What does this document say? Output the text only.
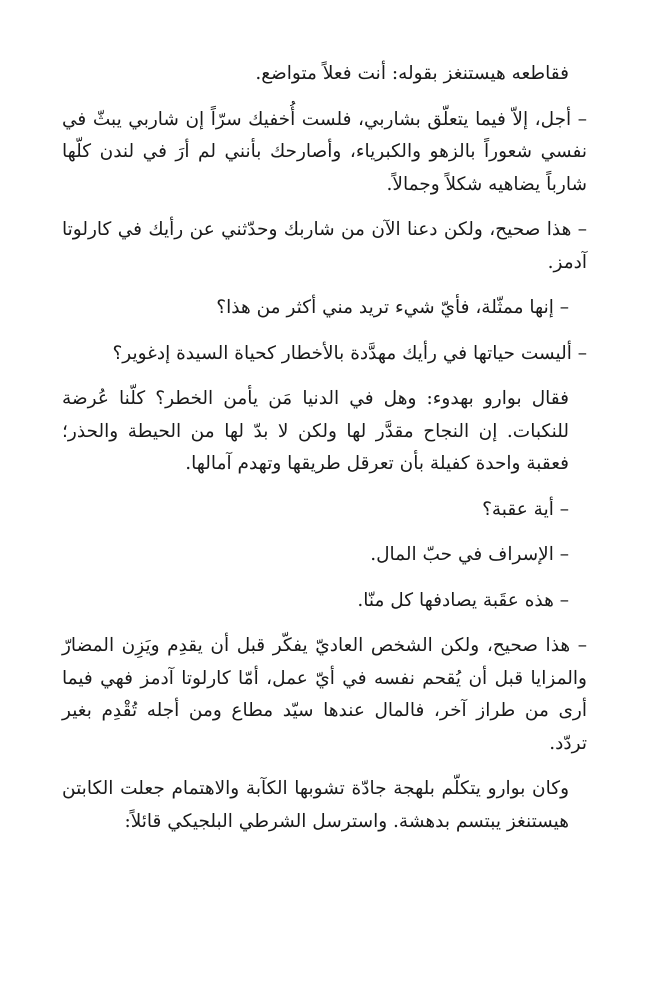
فقاطعه هيستنغز بقوله: أنت فعلاً متواضع.

– أجل، إلاّ فيما يتعلّق بشاربي، فلست أُخفيك سرّاً إن شاربي يبثّ في نفسي شعوراً بالزهو والكبرياء، وأصارحك بأنني لم أرَ في لندن كلّها شارباً يضاهيه شكلاً وجمالاً.

– هذا صحيح، ولكن دعنا الآن من شاربك وحدّثني عن رأيك في كارلوتا آدمز.

– إنها ممثّلة، فأيّ شيء تريد مني أكثر من هذا؟

– أليست حياتها في رأيك مهدَّدة بالأخطار كحياة السيدة إدغوير؟

فقال بوارو بهدوء: وهل في الدنيا مَن يأمن الخطر؟ كلّنا عُرضة للنكبات. إن النجاح مقدَّر لها ولكن لا بدّ لها من الحيطة والحذر؛ فعقبة واحدة كفيلة بأن تعرقل طريقها وتهدم آمالها.

– أية عقبة؟

– الإسراف في حبّ المال.

– هذه عقَبة يصادفها كل منّا.

– هذا صحيح، ولكن الشخص العاديّ يفكّر قبل أن يقدِم ويَزِن المضارّ والمزايا قبل أن يُقحم نفسه في أيّ عمل، أمّا كارلوتا آدمز فهي فيما أرى من طراز آخر، فالمال عندها سيّد مطاع ومن أجله تُقْدِم بغير تردّد.

وكان بوارو يتكلّم بلهجة جادّة تشوبها الكآبة والاهتمام جعلت الكابتن هيستنغز يبتسم بدهشة. واسترسل الشرطي البلجيكي قائلاً:
